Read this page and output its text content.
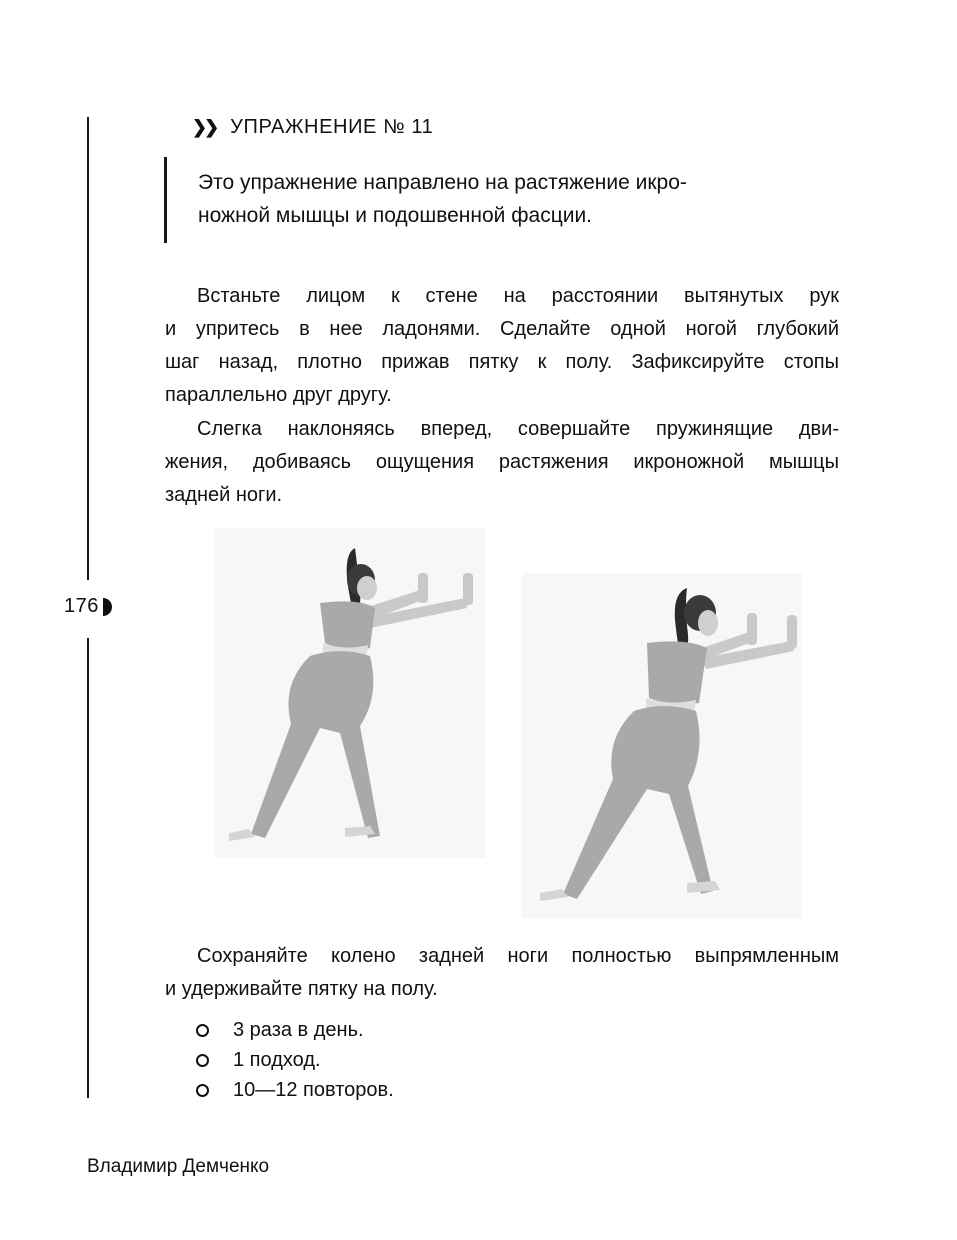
176
❯❯ УПРАЖНЕНИЕ № 11
Это упражнение направлено на растяжение икро-
ножной мышцы и подошвенной фасции.
Встаньте лицом к стене на расстоянии вытянутых рук
и упритесь в нее ладонями. Сделайте одной ногой глубокий
шаг назад, плотно прижав пятку к полу. Зафиксируйте стопы
параллельно друг другу.
Слегка наклоняясь вперед, совершайте пружинящие дви-
жения, добиваясь ощущения растяжения икроножной мышцы
задней ноги.
Сохраняйте колено задней ноги полностью выпрямленным
и удерживайте пятку на полу.
3 раза в день.
1 подход.
10—12 повторов.
Владимир Демченко
